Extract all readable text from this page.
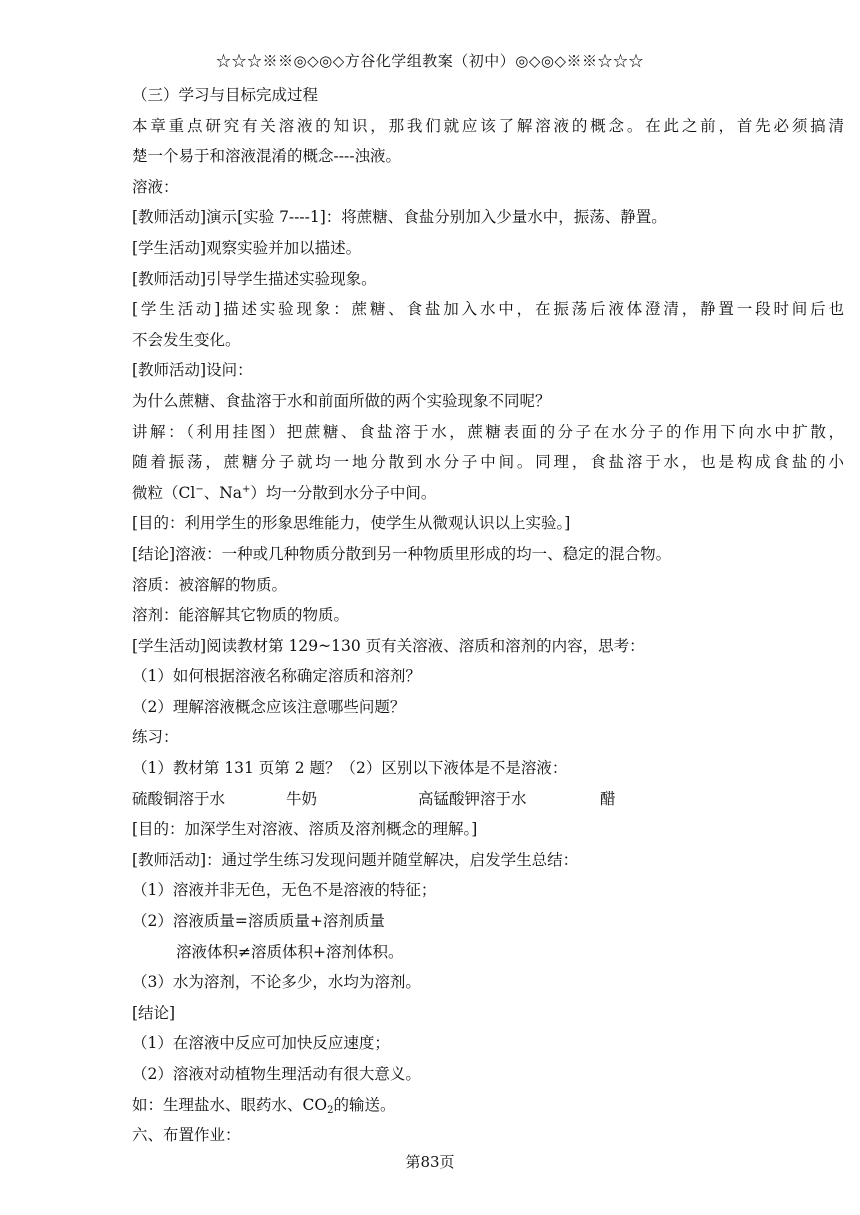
☆☆☆※※◎◇◎◇方谷化学组教案（初中）◎◇◎◇※※☆☆☆
（三）学习与目标完成过程
本章重点研究有关溶液的知识，那我们就应该了解溶液的概念。在此之前，首先必须搞清
楚一个易于和溶液混淆的概念----浊液。
溶液：
[教师活动]演示[实验 7----1]：将蔗糖、食盐分别加入少量水中，振荡、静置。
[学生活动]观察实验并加以描述。
[教师活动]引导学生描述实验现象。
[学生活动]描述实验现象：蔗糖、食盐加入水中，在振荡后液体澄清，静置一段时间后也
不会发生变化。
[教师活动]设问：
为什么蔗糖、食盐溶于水和前面所做的两个实验现象不同呢？
讲解：（利用挂图）把蔗糖、食盐溶于水，蔗糖表面的分子在水分子的作用下向水中扩散，
随着振荡，蔗糖分子就均一地分散到水分子中间。同理，食盐溶于水，也是构成食盐的小
微粒（Cl−、Na+）均一分散到水分子中间。
[目的：利用学生的形象思维能力，使学生从微观认识以上实验。]
[结论]溶液：一种或几种物质分散到另一种物质里形成的均一、稳定的混合物。
溶质：被溶解的物质。
溶剂：能溶解其它物质的物质。
[学生活动]阅读教材第 129~130 页有关溶液、溶质和溶剂的内容，思考：
（1）如何根据溶液名称确定溶质和溶剂？
（2）理解溶液概念应该注意哪些问题？
练习：
（1）教材第 131 页第 2 题？（2）区别以下液体是不是溶液：
硫酸铜溶于水	牛奶	高锰酸钾溶于水	醋
[目的：加深学生对溶液、溶质及溶剂概念的理解。]
[教师活动]：通过学生练习发现问题并随堂解决，启发学生总结：
（1）溶液并非无色，无色不是溶液的特征；
（2）溶液质量=溶质质量+溶剂质量
溶液体积≠溶质体积+溶剂体积。
（3）水为溶剂，不论多少，水均为溶剂。
[结论]
（1）在溶液中反应可加快反应速度；
（2）溶液对动植物生理活动有很大意义。
如：生理盐水、眼药水、$CO_2$的输送。
六、布置作业：
第83页
